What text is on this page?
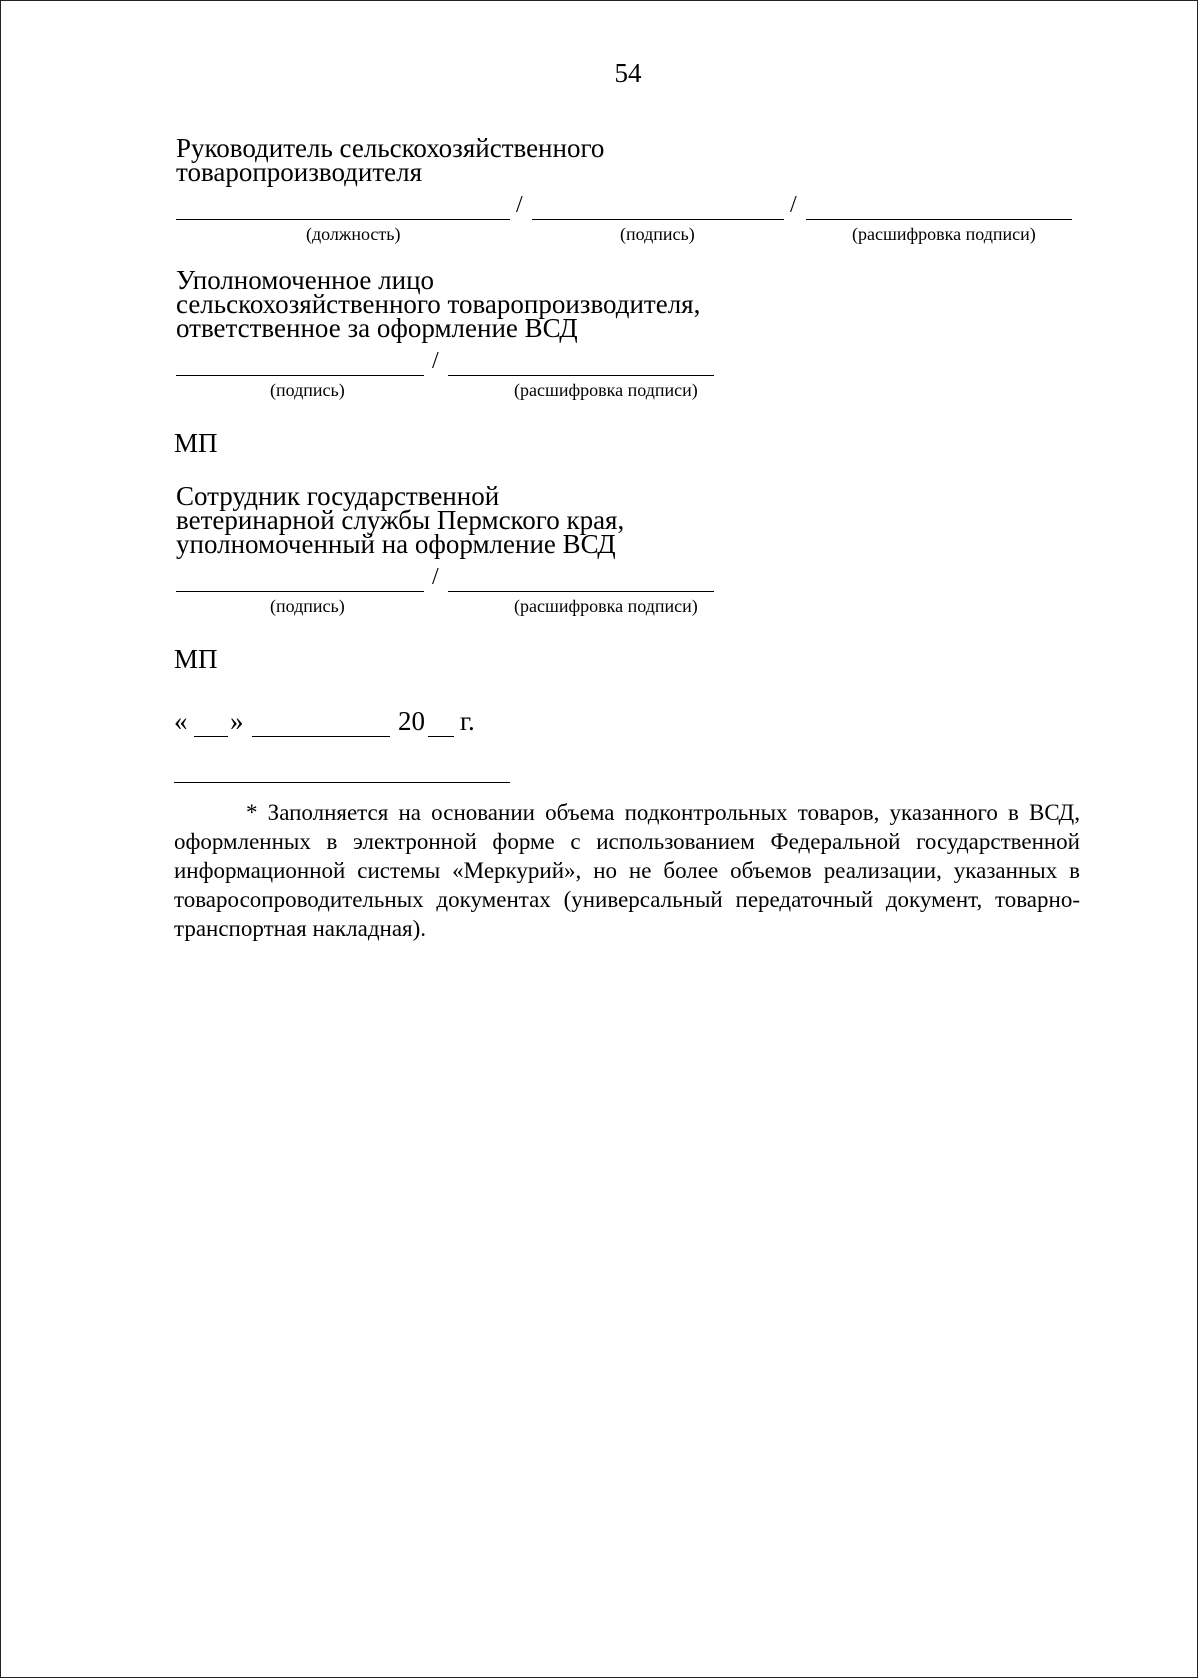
54
Руководитель сельскохозяйственного
товаропроизводителя
/	/
(должность)	(подпись)	(расшифровка подписи)
Уполномоченное лицо
сельскохозяйственного товаропроизводителя,
ответственное за оформление ВСД
/
(подпись)	(расшифровка подписи)
МП
Сотрудник государственной
ветеринарной службы Пермского края,
уполномоченный на оформление ВСД
/
(подпись)	(расшифровка подписи)
МП
« »	20 г.

* Заполняется на основании объема подконтрольных товаров, указанного в ВСД, оформленных в электронной форме с использованием Федеральной государственной информационной системы «Меркурий», но не более объемов реализации, указанных в товаросопроводительных документах (универсальный передаточный документ, товарно-транспортная накладная).
